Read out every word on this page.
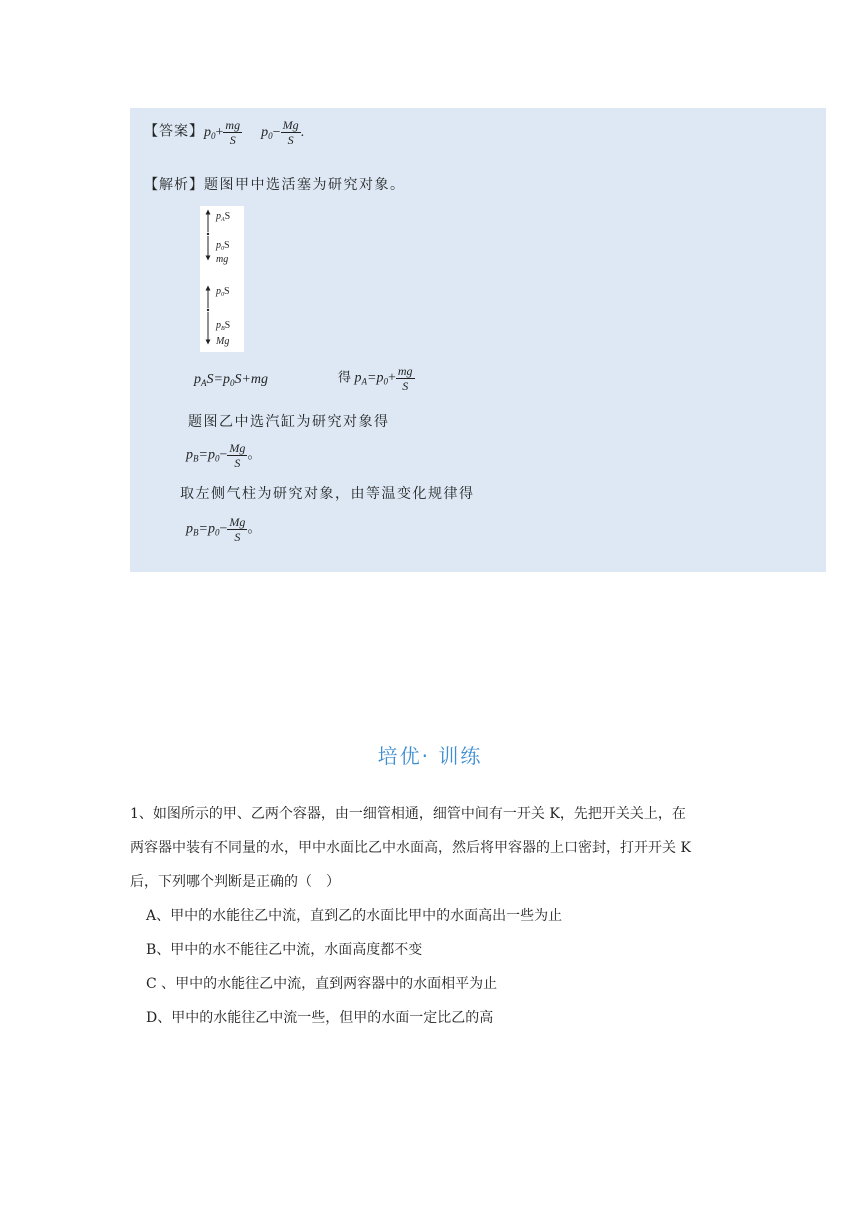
【答案】$p_0+ \frac{mg}{S} p_0- \frac{Mg}{S}$ .
【解析】题图甲中选活塞为研究对象。
$p_AS$
$p_0S$
mg
$p_0S$
$p_BS$
Mg
$p_AS=p_0S+mg$	得 $p_A=p_0+ \frac{mg}{S}$
题图乙中选汽缸为研究对象得
$p_B=p_0- \frac{Mg}{S}$ 。
取左侧气柱为研究对象，由等温变化规律得
$p_B=p_0- \frac{Mg}{S}$ 。
培优· 训练
1、如图所示的甲、乙两个容器，由一细管相通，细管中间有一开关 K，先把开关关上，在
两容器中装有不同量的水，甲中水面比乙中水面高，然后将甲容器的上口密封，打开开关 K
后，下列哪个判断是正确的（　）
A、甲中的水能往乙中流，直到乙的水面比甲中的水面高出一些为止
B、甲中的水不能往乙中流，水面高度都不变
C 、甲中的水能往乙中流，直到两容器中的水面相平为止
D、甲中的水能往乙中流一些，但甲的水面一定比乙的高
